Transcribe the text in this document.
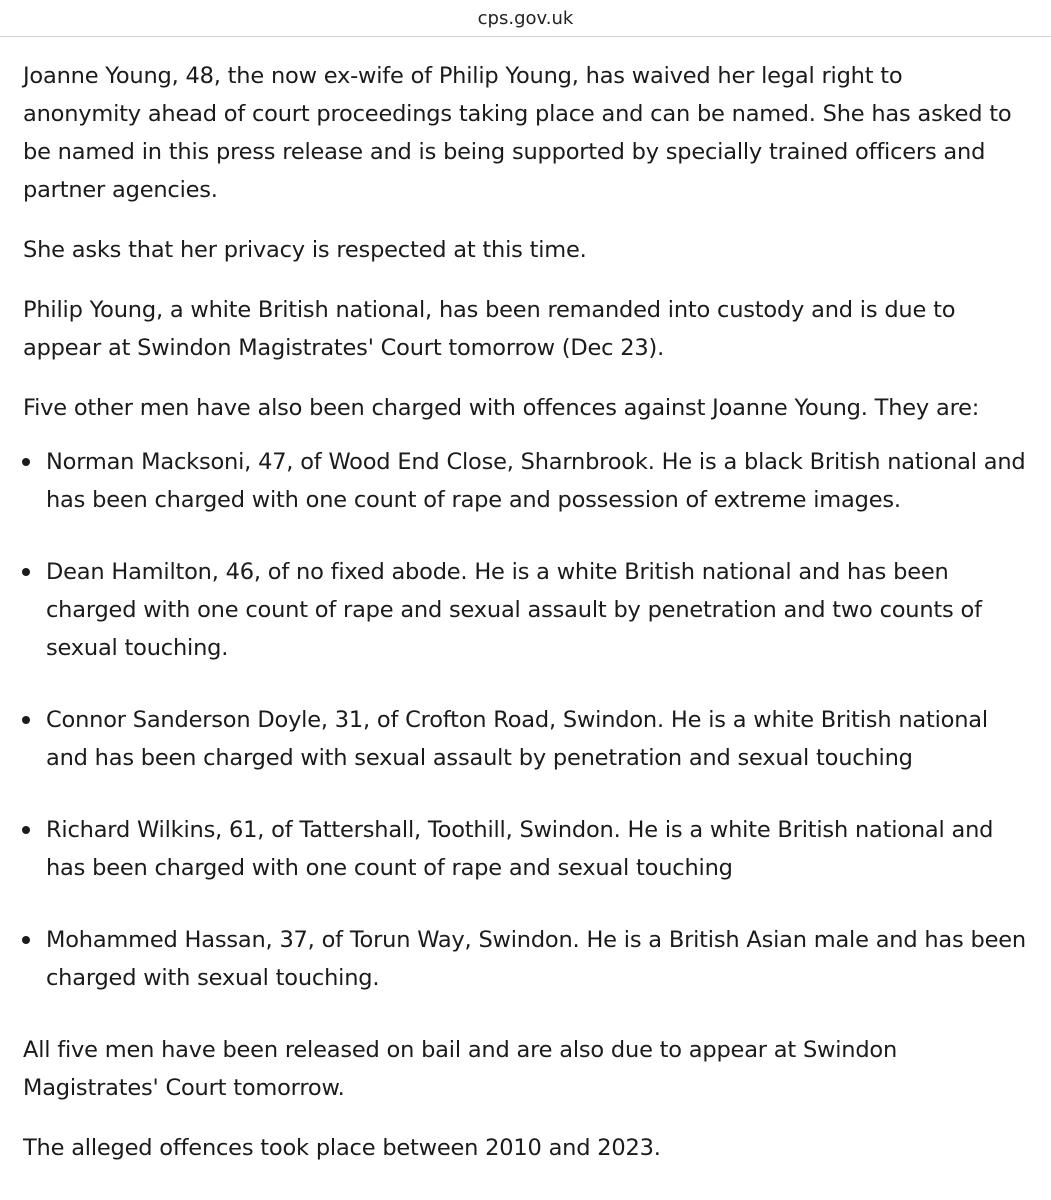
cps.gov.uk

Joanne Young, 48, the now ex-wife of Philip Young, has waived her legal right to anonymity ahead of court proceedings taking place and can be named. She has asked to be named in this press release and is being supported by specially trained officers and partner agencies.

She asks that her privacy is respected at this time.

Philip Young, a white British national, has been remanded into custody and is due to appear at Swindon Magistrates' Court tomorrow (Dec 23).

Five other men have also been charged with offences against Joanne Young. They are:

Norman Macksoni, 47, of Wood End Close, Sharnbrook. He is a black British national and has been charged with one count of rape and possession of extreme images.
Dean Hamilton, 46, of no fixed abode. He is a white British national and has been charged with one count of rape and sexual assault by penetration and two counts of sexual touching.
Connor Sanderson Doyle, 31, of Crofton Road, Swindon. He is a white British national and has been charged with sexual assault by penetration and sexual touching
Richard Wilkins, 61, of Tattershall, Toothill, Swindon. He is a white British national and has been charged with one count of rape and sexual touching
Mohammed Hassan, 37, of Torun Way, Swindon. He is a British Asian male and has been charged with sexual touching.

All five men have been released on bail and are also due to appear at Swindon Magistrates' Court tomorrow.

The alleged offences took place between 2010 and 2023.
